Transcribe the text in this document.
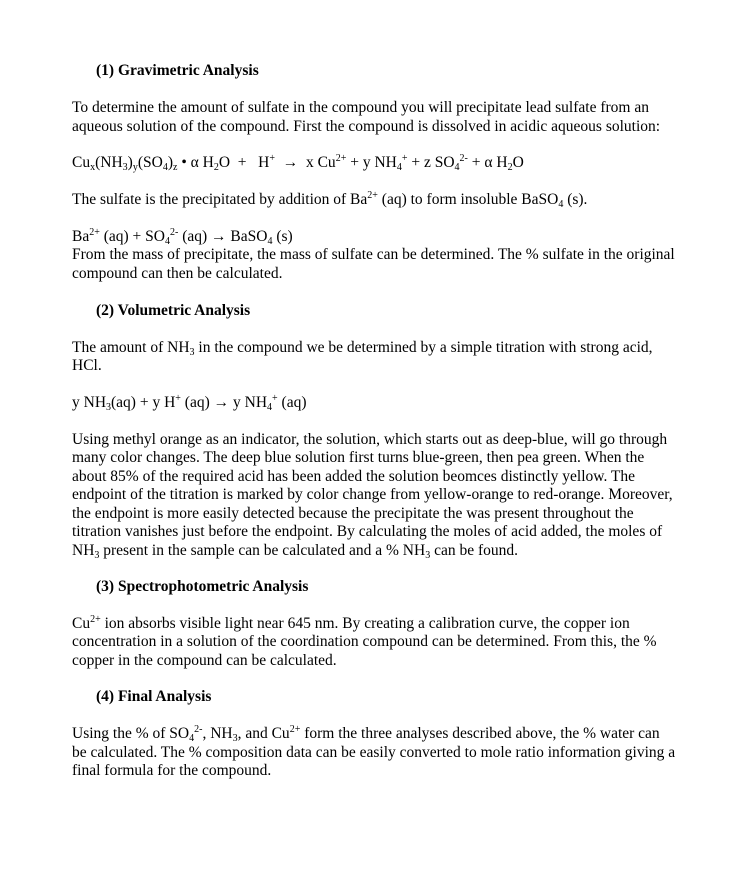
(1) Gravimetric Analysis
To determine the amount of sulfate in the compound you will precipitate lead sulfate from an
aqueous solution of the compound. First the compound is dissolved in acidic aqueous solution:
$Cu_x(NH_3)_y(SO_4)_z$ • α $H_2O + H^+ \to x$ $Cu^{2+} + y$ $NH_4^+ + z$ $SO_4^{2-} + \alpha$ $H_2O$
The sulfate is the precipitated by addition of $Ba^{2+}$ (aq) to form insoluble BaSO$_4$ (s).
$Ba^{2+}$ $(aq) + SO_4^{2-}$ (aq) → BaSO$_4$ (s)
From the mass of precipitate, the mass of sulfate can be determined. The % sulfate in the original
compound can then be calculated.
(2) Volumetric Analysis
The amount of $NH_3$ in the compound we be determined by a simple titration with strong acid,
HCl.
y $NH_3(aq) + y$ H+ (aq) → y $NH_4^+$ (aq)
Using methyl orange as an indicator, the solution, which starts out as deep-blue, will go through
many color changes. The deep blue solution first turns blue-green, then pea green. When the
about 85% of the required acid has been added the solution beomces distinctly yellow. The
endpoint of the titration is marked by color change from yellow-orange to red-orange. Moreover,
the endpoint is more easily detected because the precipitate the was present throughout the
titration vanishes just before the endpoint. By calculating the moles of acid added, the moles of
$NH_3$ present in the sample can be calculated and a % $NH_3$ can be found.
(3) Spectrophotometric Analysis
$Cu^{2+}$ ion absorbs visible light near 645 nm. By creating a calibration curve, the copper ion
concentration in a solution of the coordination compound can be determined. From this, the %
copper in the compound can be calculated.
(4) Final Analysis
Using the % of $SO_4^{2-}$, $NH_3$, and $Cu^{2+}$ form the three analyses described above, the % water can
be calculated. The % composition data can be easily converted to mole ratio information giving a
final formula for the compound.
